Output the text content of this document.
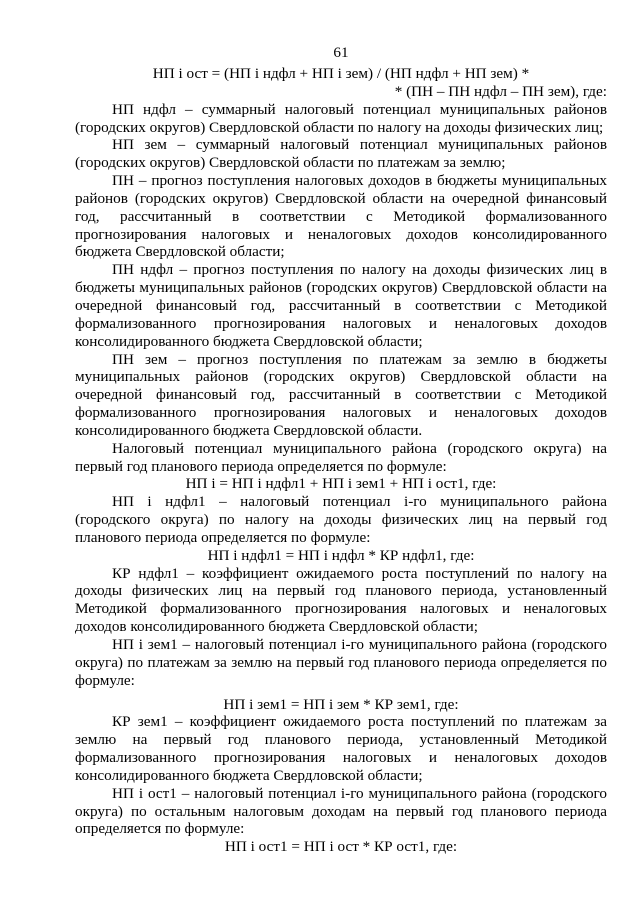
61
НП i ост = (НП i ндфл + НП i зем) / (НП ндфл + НП зем) *
* (ПН – ПН ндфл – ПН зем), где:
НП ндфл – суммарный налоговый потенциал муниципальных районов (городских округов) Свердловской области по налогу на доходы физических лиц;
НП зем – суммарный налоговый потенциал муниципальных районов (городских округов) Свердловской области по платежам за землю;
ПН – прогноз поступления налоговых доходов в бюджеты муниципальных районов (городских округов) Свердловской области на очередной финансовый год, рассчитанный в соответствии с Методикой формализованного прогнозирования налоговых и неналоговых доходов консолидированного бюджета Свердловской области;
ПН ндфл – прогноз поступления по налогу на доходы физических лиц в бюджеты муниципальных районов (городских округов) Свердловской области на очередной финансовый год, рассчитанный в соответствии с Методикой формализованного прогнозирования налоговых и неналоговых доходов консолидированного бюджета Свердловской области;
ПН зем – прогноз поступления по платежам за землю в бюджеты муниципальных районов (городских округов) Свердловской области на очередной финансовый год, рассчитанный в соответствии с Методикой формализованного прогнозирования налоговых и неналоговых доходов консолидированного бюджета Свердловской области.
Налоговый потенциал муниципального района (городского округа) на первый год планового периода определяется по формуле:
НП i = НП i ндфл1 + НП i зем1 + НП i ост1, где:
НП i ндфл1 – налоговый потенциал i-го муниципального района (городского округа) по налогу на доходы физических лиц на первый год планового периода определяется по формуле:
НП i ндфл1 = НП i ндфл * КР ндфл1, где:
КР ндфл1 – коэффициент ожидаемого роста поступлений по налогу на доходы физических лиц на первый год планового периода, установленный Методикой формализованного прогнозирования налоговых и неналоговых доходов консолидированного бюджета Свердловской области;
НП i зем1 – налоговый потенциал i-го муниципального района (городского округа) по платежам за землю на первый год планового периода определяется по формуле:
НП i зем1 = НП i зем * КР зем1, где:
КР зем1 – коэффициент ожидаемого роста поступлений по платежам за землю на первый год планового периода, установленный Методикой формализованного прогнозирования налоговых и неналоговых доходов консолидированного бюджета Свердловской области;
НП i ост1 – налоговый потенциал i-го муниципального района (городского округа) по остальным налоговым доходам на первый год планового периода определяется по формуле:
НП i ост1 = НП i ост * КР ост1, где:
